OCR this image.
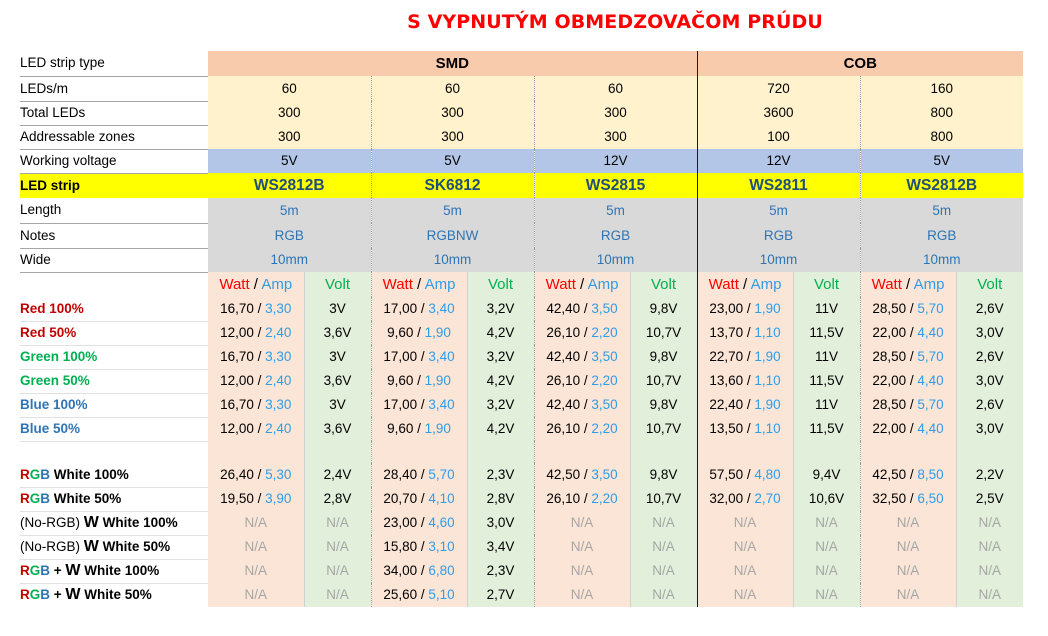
S VYPNUTÝM OBMEDZOVAČOM PRÚDU
LED strip type	SMD						COB			
LEDs/m	60		60		60		720		160	
Total LEDs	300		300		300		3600		800	
Addressable zones	300		300		300		100		800	
Working voltage	5V		5V		12V		12V		5V	
LED strip	WS2812B		SK6812		WS2815		WS2811		WS2812B	
Length	5m		5m		5m		5m		5m	
Notes	RGB		RGBNW		RGB		RGB		RGB	
Wide	10mm		10mm		10mm		10mm		10mm	
	Watt / Amp	Volt	Watt / Amp	Volt	Watt / Amp	Volt	Watt / Amp	Volt	Watt / Amp	Volt
Red 100%	16,70 / 3,30	3V	17,00 / 3,40	3,2V	42,40 / 3,50	9,8V	23,00 / 1,90	11V	28,50 / 5,70	2,6V
Red 50%	12,00 / 2,40	3,6V	9,60 / 1,90	4,2V	26,10 / 2,20	10,7V	13,70 / 1,10	11,5V	22,00 / 4,40	3,0V
Green 100%	16,70 / 3,30	3V	17,00 / 3,40	3,2V	42,40 / 3,50	9,8V	22,70 / 1,90	11V	28,50 / 5,70	2,6V
Green 50%	12,00 / 2,40	3,6V	9,60 / 1,90	4,2V	26,10 / 2,20	10,7V	13,60 / 1,10	11,5V	22,00 / 4,40	3,0V
Blue 100%	16,70 / 3,30	3V	17,00 / 3,40	3,2V	42,40 / 3,50	9,8V	22,40 / 1,90	11V	28,50 / 5,70	2,6V
Blue 50%	12,00 / 2,40	3,6V	9,60 / 1,90	4,2V	26,10 / 2,20	10,7V	13,50 / 1,10	11,5V	22,00 / 4,40	3,0V

RGB White 100%	26,40 / 5,30	2,4V	28,40 / 5,70	2,3V	42,50 / 3,50	9,8V	57,50 / 4,80	9,4V	42,50 / 8,50	2,2V
RGB White 50%	19,50 / 3,90	2,8V	20,70 / 4,10	2,8V	26,10 / 2,20	10,7V	32,00 / 2,70	10,6V	32,50 / 6,50	2,5V
(No-RGB) W White 100%	N/A	N/A	23,00 / 4,60	3,0V	N/A	N/A	N/A	N/A	N/A	N/A
(No-RGB) W White 50%	N/A	N/A	15,80 / 3,10	3,4V	N/A	N/A	N/A	N/A	N/A	N/A
RGB + W White 100%	N/A	N/A	34,00 / 6,80	2,3V	N/A	N/A	N/A	N/A	N/A	N/A
RGB + W White 50%	N/A	N/A	25,60 / 5,10	2,7V	N/A	N/A	N/A	N/A	N/A	N/A
